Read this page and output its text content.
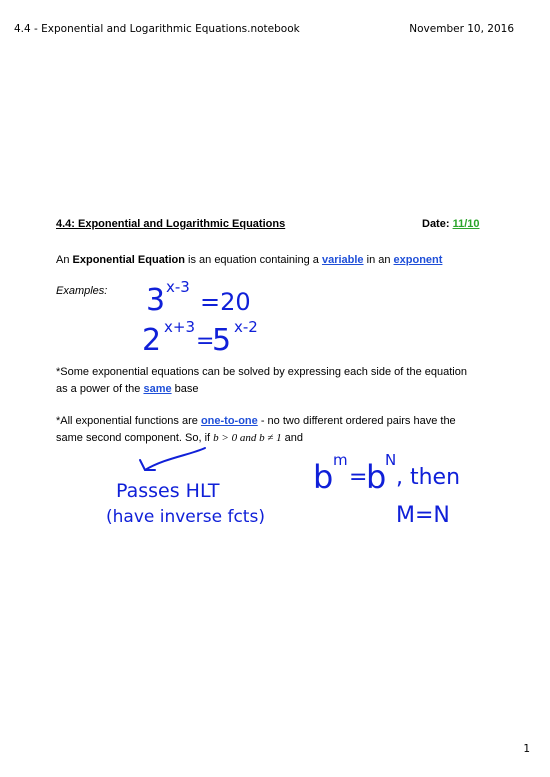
4.4 - Exponential and Logarithmic Equations.notebook	November 10, 2016
4.4: Exponential and Logarithmic Equations	Date: 11/10
An Exponential Equation is an equation containing a variable in an exponent
Examples:
*Some exponential equations can be solved by expressing each side of the equation
as a power of the same base
*All exponential functions are one-to-one - no two different ordered pairs have the
same second component. So, if b > 0 and b ≠ 1 and
3 x-3
=20
2 x+3
=
5 x-2
Passes HLT
(have inverse fcts)
b m
=
b
N
, then
M=N
1
